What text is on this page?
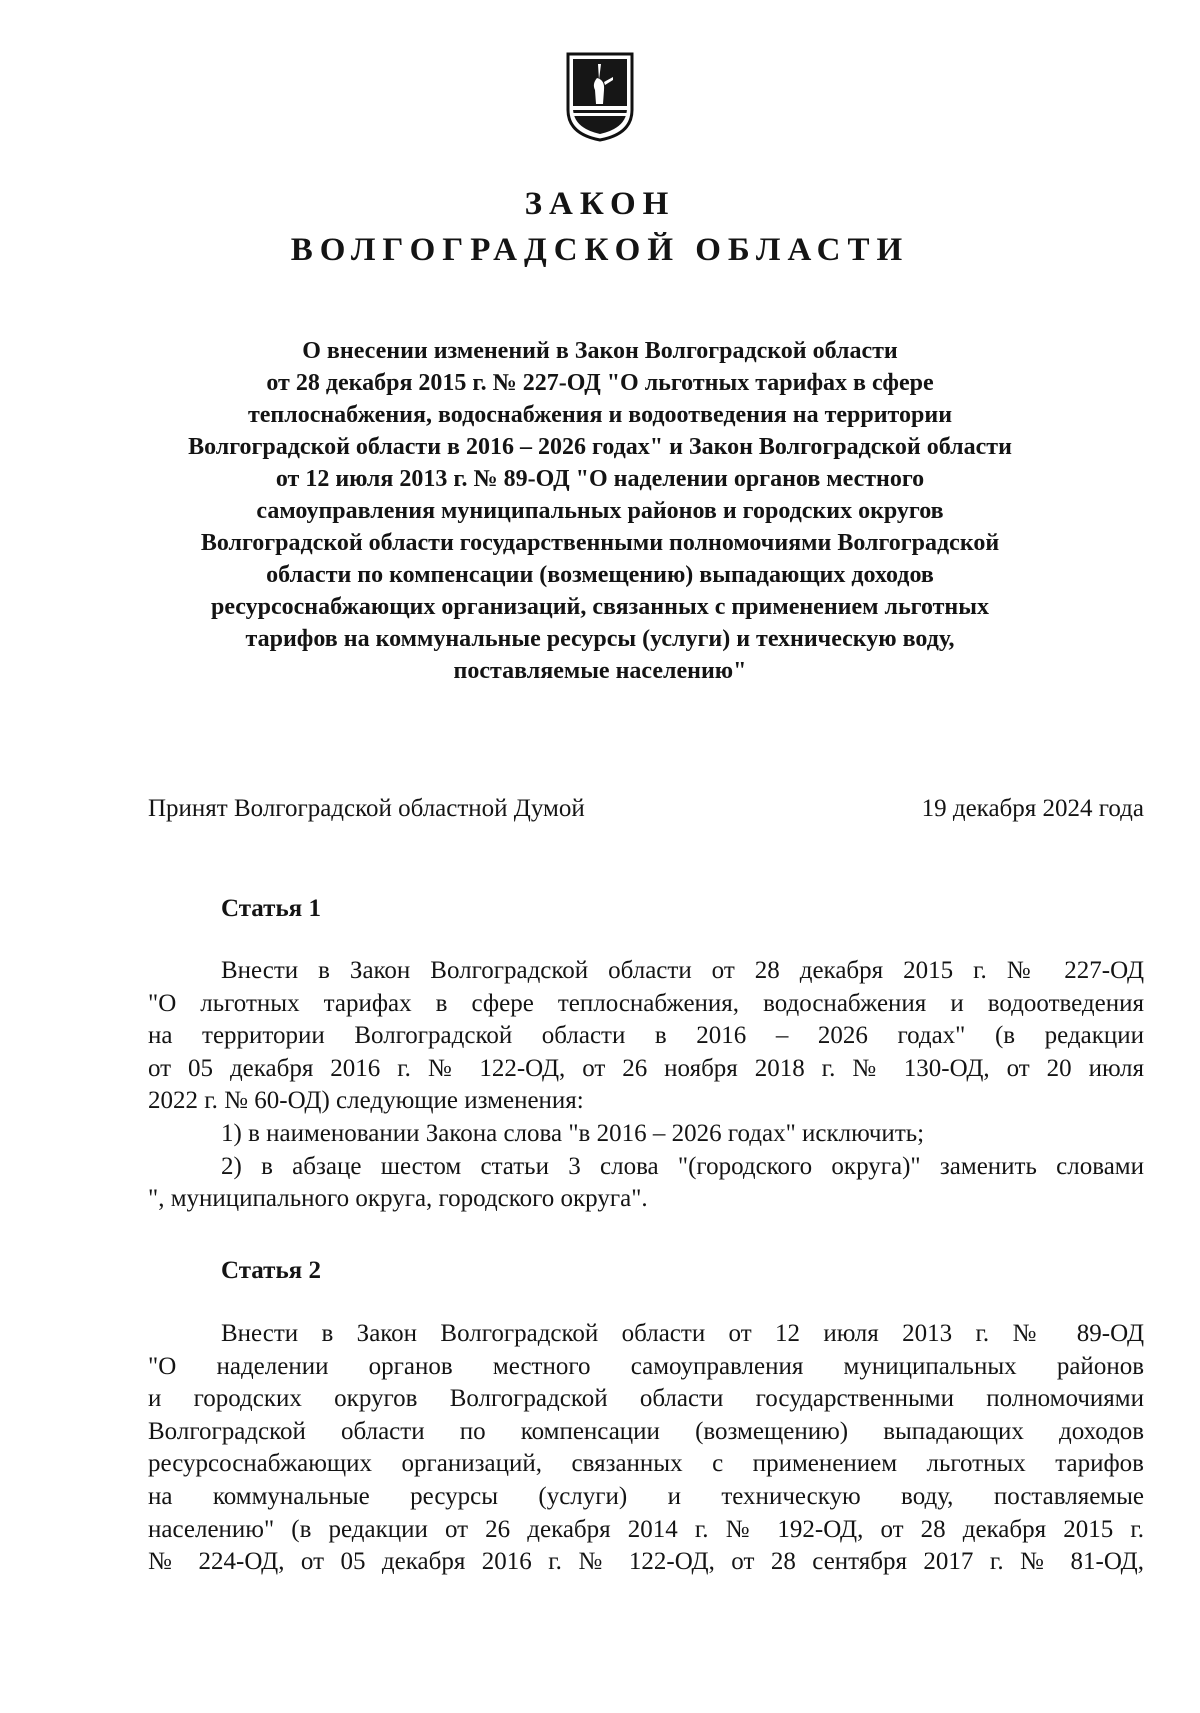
ЗАКОН
ВОЛГОГРАДСКОЙ ОБЛАСТИ
О внесении изменений в Закон Волгоградской области
от 28 декабря 2015 г. № 227-ОД "О льготных тарифах в сфере
теплоснабжения, водоснабжения и водоотведения на территории
Волгоградской области в 2016 – 2026 годах" и Закон Волгоградской области
от 12 июля 2013 г. № 89-ОД "О наделении органов местного
самоуправления муниципальных районов и городских округов
Волгоградской области государственными полномочиями Волгоградской
области по компенсации (возмещению) выпадающих доходов
ресурсоснабжающих организаций, связанных с применением льготных
тарифов на коммунальные ресурсы (услуги) и техническую воду,
поставляемые населению"
Принят Волгоградской областной Думой	19 декабря 2024 года
Статья 1
Внести в Закон Волгоградской области от 28 декабря 2015 г. № 227-ОД
"О льготных тарифах в сфере теплоснабжения, водоснабжения и водоотведения
на территории Волгоградской области в 2016 – 2026 годах" (в редакции
от 05 декабря 2016 г. № 122-ОД, от 26 ноября 2018 г. № 130-ОД, от 20 июля
2022 г. № 60-ОД) следующие изменения:
1) в наименовании Закона слова "в 2016 – 2026 годах" исключить;
2) в абзаце шестом статьи 3 слова "(городского округа)" заменить словами
", муниципального округа, городского округа".
Статья 2
Внести в Закон Волгоградской области от 12 июля 2013 г. № 89-ОД
"О наделении органов местного самоуправления муниципальных районов
и городских округов Волгоградской области государственными полномочиями
Волгоградской области по компенсации (возмещению) выпадающих доходов
ресурсоснабжающих организаций, связанных с применением льготных тарифов
на коммунальные ресурсы (услуги) и техническую воду, поставляемые
населению" (в редакции от 26 декабря 2014 г. № 192-ОД, от 28 декабря 2015 г.
№ 224-ОД, от 05 декабря 2016 г. № 122-ОД, от 28 сентября 2017 г. № 81-ОД,
